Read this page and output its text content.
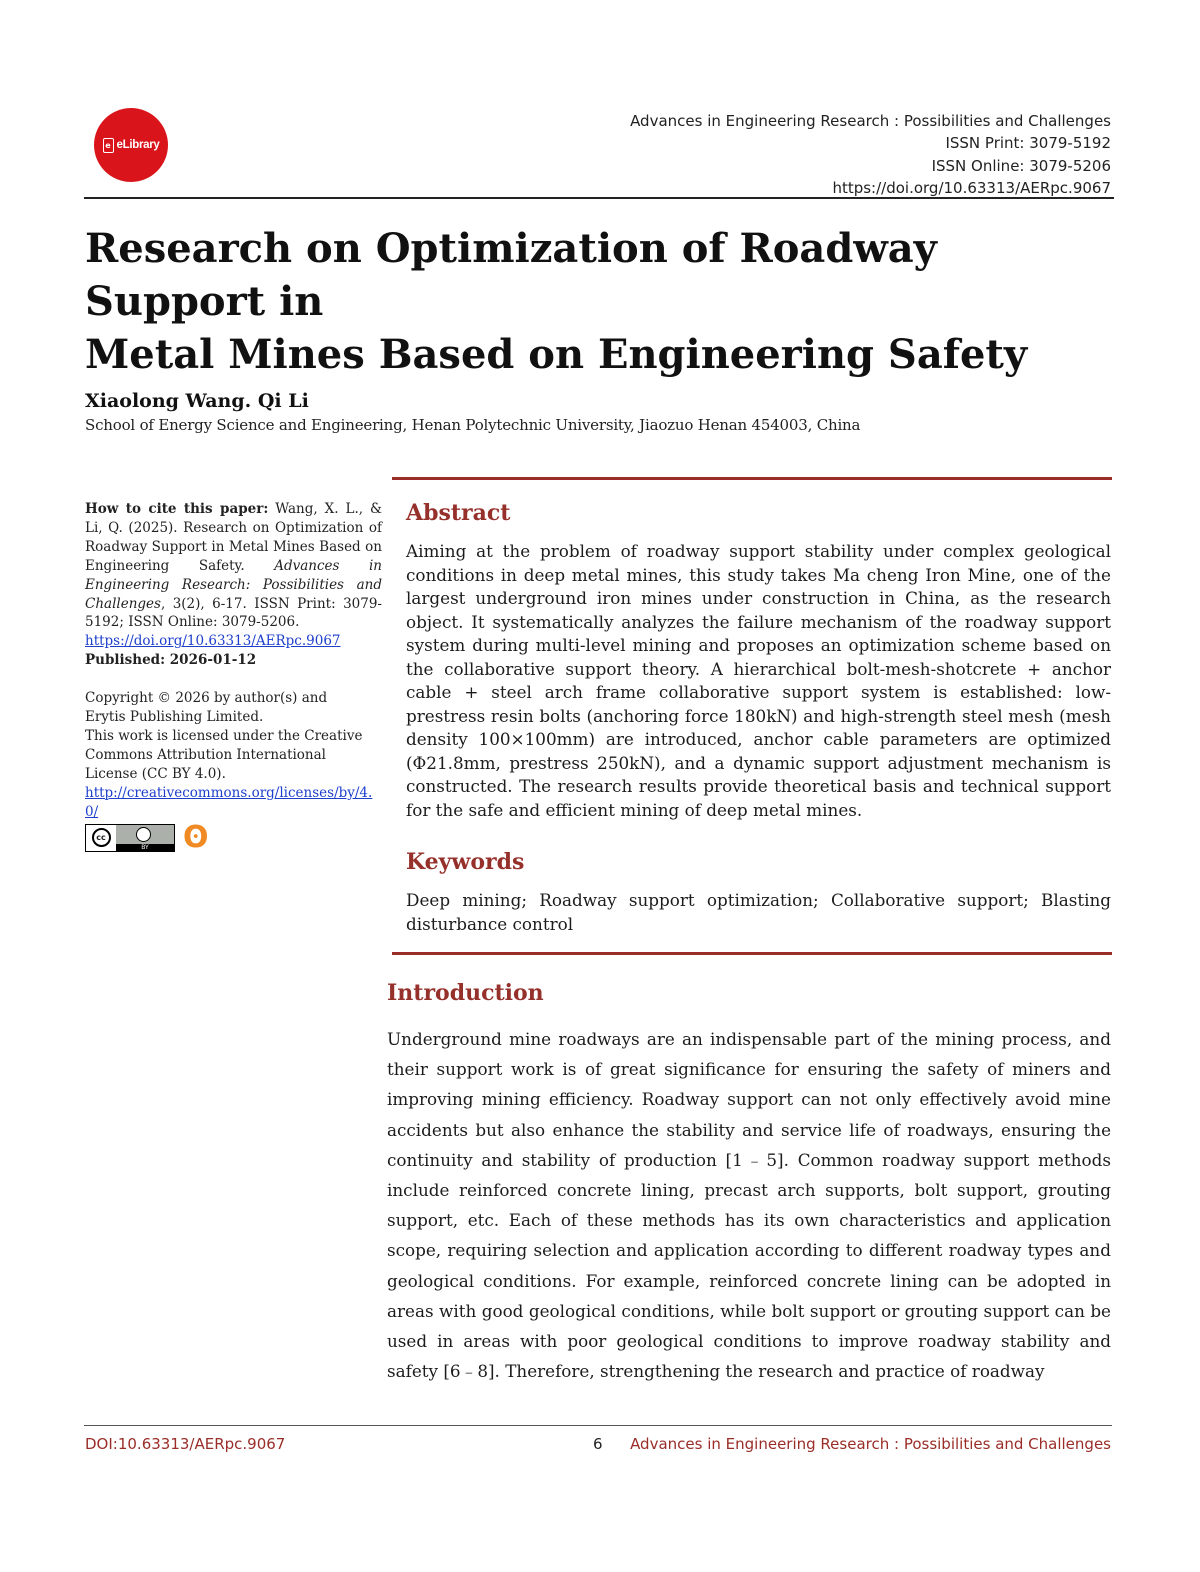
e eLibrary
Advances in Engineering Research : Possibilities and Challenges
ISSN Print: 3079-5192
ISSN Online: 3079-5206
https://doi.org/10.63313/AERpc.9067
Research on Optimization of Roadway Support in
Metal Mines Based on Engineering Safety

Xiaolong Wang. Qi Li

School of Energy Science and Engineering, Henan Polytechnic University, Jiaozuo Henan 454003, China

How to cite this paper: Wang, X. L., & Li, Q. (2025). Research on Optimization of Roadway Support in Metal Mines Based on Engineering Safety. Advances in Engineering Research: Possibilities and Challenges, 3(2), 6-17. ISSN Print: 3079-5192; ISSN Online: 3079-5206.

https://doi.org/10.63313/AERpc.9067

Published: 2026-01-12

Copyright © 2026 by author(s) and

Erytis Publishing Limited.

This work is licensed under the Creative

Commons Attribution International

License (CC BY 4.0).

http://creativecommons.org/licenses/by/4.0/

cc
BY	ʘ
Abstract

Aiming at the problem of roadway support stability under complex geological conditions in deep metal mines, this study takes Ma cheng Iron Mine, one of the largest underground iron mines under construction in China, as the research object. It systematically analyzes the failure mechanism of the roadway support system during multi-level mining and proposes an optimization scheme based on the collaborative support theory. A hierarchical bolt-mesh-shotcrete + anchor cable + steel arch frame collaborative support system is established: low-prestress resin bolts (anchoring force 180kN) and high-strength steel mesh (mesh density 100×100mm) are introduced, anchor cable parameters are optimized (Φ21.8mm, prestress 250kN), and a dynamic support adjustment mechanism is constructed. The research results provide theoretical basis and technical support for the safe and efficient mining of deep metal mines.

Keywords

Deep mining; Roadway support optimization; Collaborative support; Blasting disturbance control

Introduction

Underground mine roadways are an indispensable part of the mining process, and their support work is of great significance for ensuring the safety of miners and improving mining efficiency. Roadway support can not only effectively avoid mine accidents but also enhance the stability and service life of roadways, ensuring the continuity and stability of production [1﹣5]. Common roadway support methods include reinforced concrete lining, precast arch supports, bolt support, grouting support, etc. Each of these methods has its own characteristics and application scope, requiring selection and application according to different roadway types and geological conditions. For example, reinforced concrete lining can be adopted in areas with good geological conditions, while bolt support or grouting support can be used in areas with poor geological conditions to improve roadway stability and safety [6﹣8]. Therefore, strengthening the research and practice of roadway

DOI:10.63313/AERpc.9067	6 Advances in Engineering Research : Possibilities and Challenges
